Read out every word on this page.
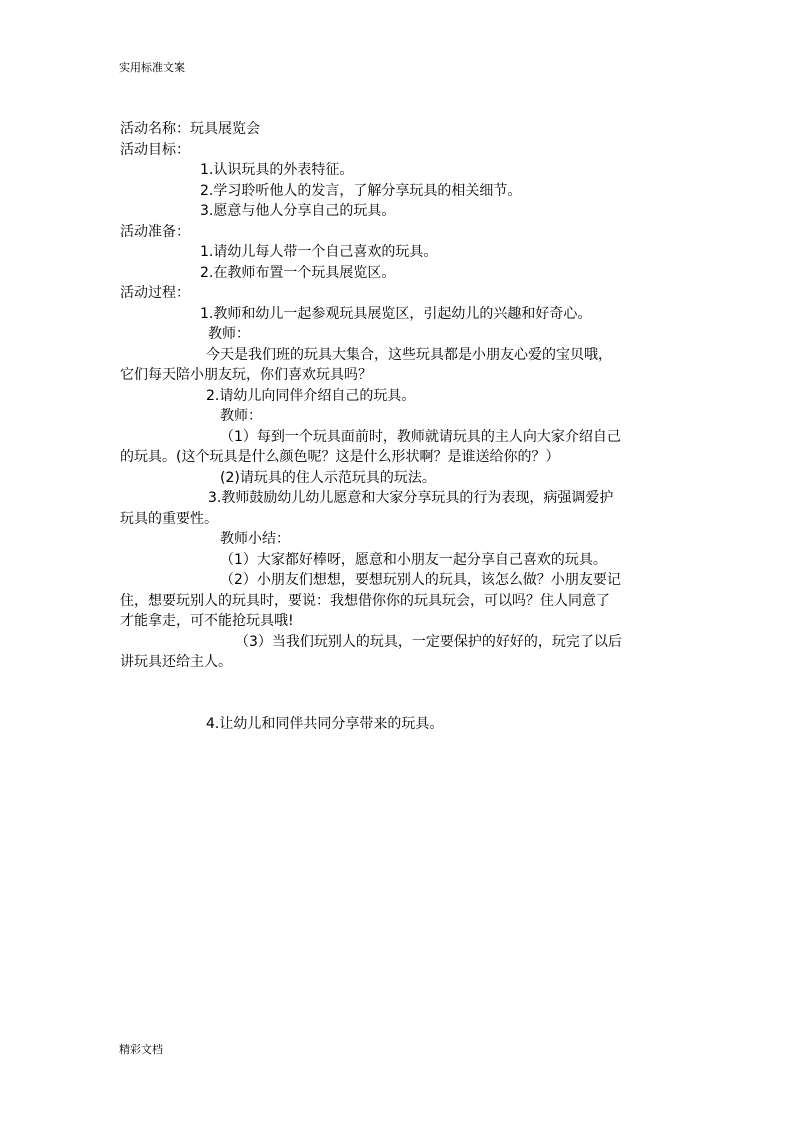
实用标准文案
活动名称：玩具展览会
活动目标：
1.认识玩具的外表特征。
2.学习聆听他人的发言，了解分享玩具的相关细节。
3.愿意与他人分享自己的玩具。
活动准备：
1.请幼儿每人带一个自己喜欢的玩具。
2.在教师布置一个玩具展览区。
活动过程：
1.教师和幼儿一起参观玩具展览区，引起幼儿的兴趣和好奇心。
教师：
今天是我们班的玩具大集合，这些玩具都是小朋友心爱的宝贝哦，
它们每天陪小朋友玩，你们喜欢玩具吗？
2.请幼儿向同伴介绍自己的玩具。
教师：
（1）每到一个玩具面前时，教师就请玩具的主人向大家介绍自己
的玩具。(这个玩具是什么颜色呢？这是什么形状啊？是谁送给你的？）
(2)请玩具的住人示范玩具的玩法。
3.教师鼓励幼儿幼儿愿意和大家分享玩具的行为表现，病强调爱护
玩具的重要性。
教师小结：
（1）大家都好棒呀，愿意和小朋友一起分享自己喜欢的玩具。
（2）小朋友们想想，要想玩别人的玩具，该怎么做？小朋友要记
住，想要玩别人的玩具时，要说：我想借你你的玩具玩会，可以吗？住人同意了
才能拿走，可不能抢玩具哦!
（3）当我们玩别人的玩具，一定要保护的好好的，玩完了以后
讲玩具还给主人。
4.让幼儿和同伴共同分享带来的玩具。
精彩文档
